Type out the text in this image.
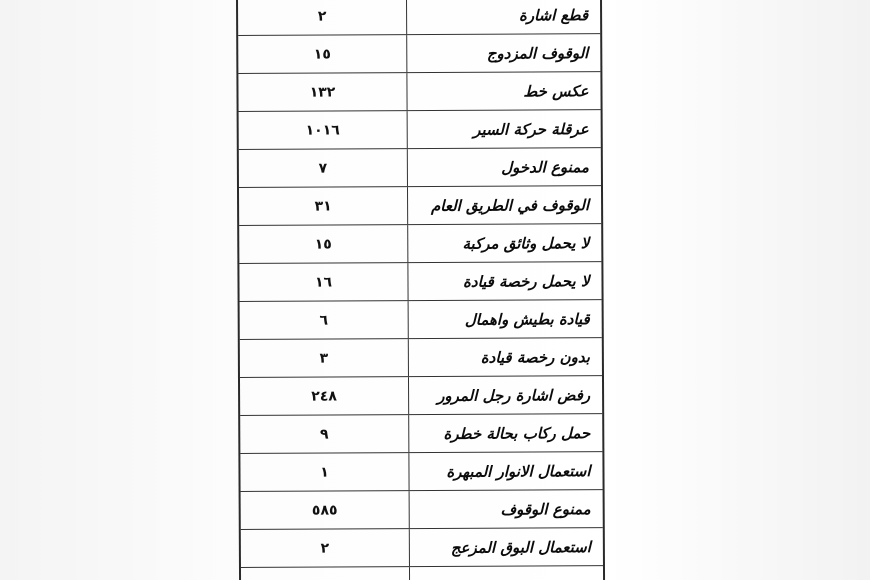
٢	قطع اشارة
١٥	الوقوف المزدوج
١٣٢	عكس خط
١٠١٦	عرقلة حركة السير
٧	ممنوع الدخول
٣١	الوقوف في الطريق العام
١٥	لا يحمل وثائق مركبة
١٦	لا يحمل رخصة قيادة
٦	قيادة بطيش واهمال
٣	بدون رخصة قيادة
٢٤٨	رفض اشارة رجل المرور
٩	حمل ركاب بحالة خطرة
١	استعمال الانوار المبهرة
٥٨٥	ممنوع الوقوف
٢	استعمال البوق المزعج
